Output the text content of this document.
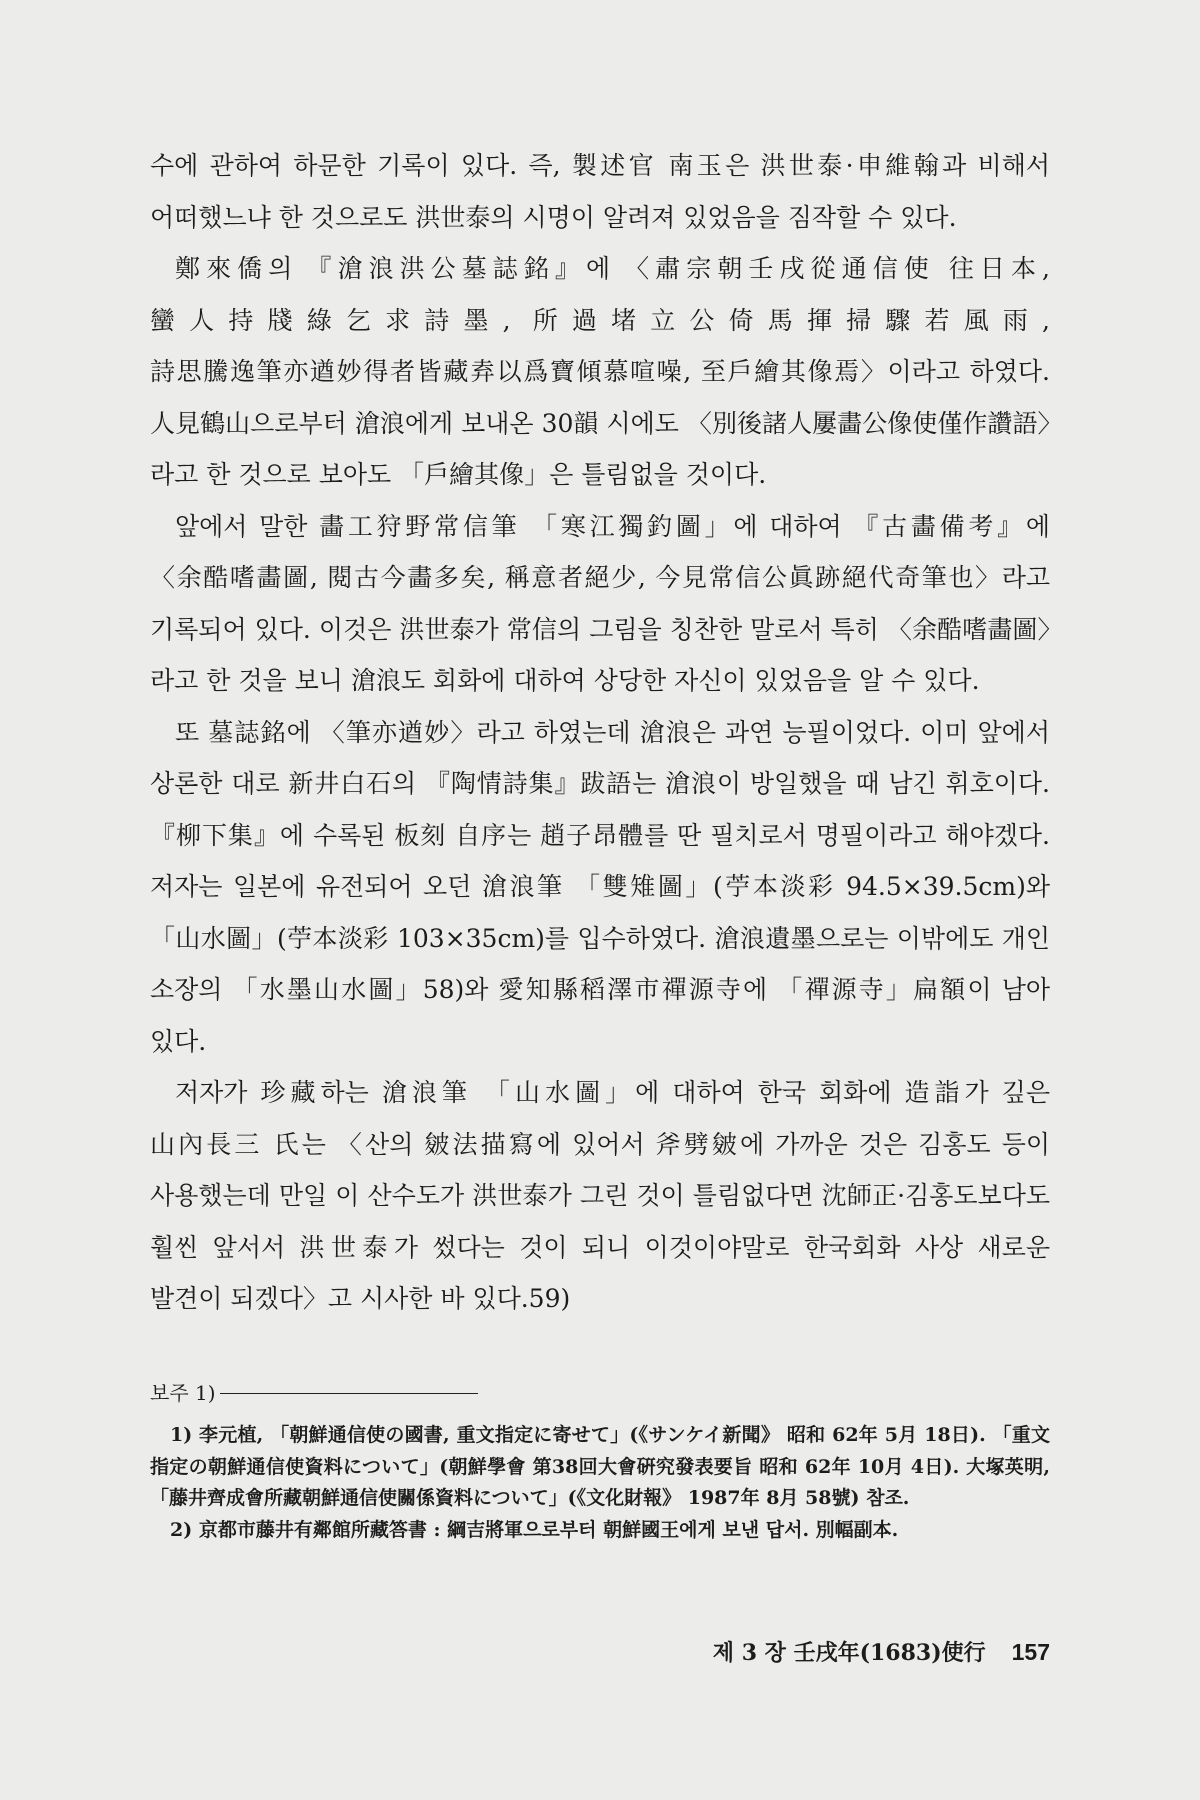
수에 관하여 하문한 기록이 있다. 즉, 製述官 南玉은 洪世泰·申維翰과 비해서 어떠했느냐 한 것으로도 洪世泰의 시명이 알려져 있었음을 짐작할 수 있다.

鄭來僑의 『滄浪洪公墓誌銘』에 〈肅宗朝壬戌從通信使 往日本, 蠻人持牋綠乞求詩墨, 所過堵立公倚馬揮掃驟若風雨, 詩思騰逸筆亦遒妙得者皆藏弆以爲寶傾慕喧噪, 至戶繪其像焉〉이라고 하였다. 人見鶴山으로부터 滄浪에게 보내온 30韻 시에도 〈別後諸人屢畵公像使僅作讚語〉라고 한 것으로 보아도 「戶繪其像」은 틀림없을 것이다.

앞에서 말한 畵工狩野常信筆 「寒江獨釣圖」에 대하여 『古畵備考』에 〈余酷嗜畵圖, 閱古今畵多矣, 稱意者絕少, 今見常信公眞跡絕代奇筆也〉라고 기록되어 있다. 이것은 洪世泰가 常信의 그림을 칭찬한 말로서 특히 〈余酷嗜畵圖〉라고 한 것을 보니 滄浪도 회화에 대하여 상당한 자신이 있었음을 알 수 있다.

또 墓誌銘에 〈筆亦遒妙〉라고 하였는데 滄浪은 과연 능필이었다. 이미 앞에서 상론한 대로 新井白石의 『陶情詩集』跋語는 滄浪이 방일했을 때 남긴 휘호이다. 『柳下集』에 수록된 板刻 自序는 趙子昂體를 딴 필치로서 명필이라고 해야겠다. 저자는 일본에 유전되어 오던 滄浪筆 「雙雉圖」(苧本淡彩 94.5×39.5cm)와 「山水圖」(苧本淡彩 103×35cm)를 입수하였다. 滄浪遺墨으로는 이밖에도 개인 소장의 「水墨山水圖」58)와 愛知縣稻澤市禪源寺에 「禪源寺」扁額이 남아 있다.

저자가 珍藏하는 滄浪筆 「山水圖」에 대하여 한국 회화에 造詣가 깊은 山內長三 氏는 〈산의 皴法描寫에 있어서 斧劈皴에 가까운 것은 김홍도 등이 사용했는데 만일 이 산수도가 洪世泰가 그린 것이 틀림없다면 沈師正·김홍도보다도 훨씬 앞서서 洪世泰가 썼다는 것이 되니 이것이야말로 한국회화 사상 새로운 발견이 되겠다〉고 시사한 바 있다.59)

보주 1)

1) 李元植, 「朝鮮通信使の國書, 重文指定に寄せて」(《サンケイ新聞》 昭和 62年 5月 18日). 「重文指定の朝鮮通信使資料について」(朝鮮學會 第38回大會硏究發表要旨 昭和 62年 10月 4日). 大塚英明, 「藤井齊成會所藏朝鮮通信使關係資料について」(《文化財報》 1987年 8月 58號) 참조.

2) 京都市藤井有鄰館所藏答書 : 綱吉將軍으로부터 朝鮮國王에게 보낸 답서. 別幅副本.

제 3 장 壬戌年(1683)使行 157
